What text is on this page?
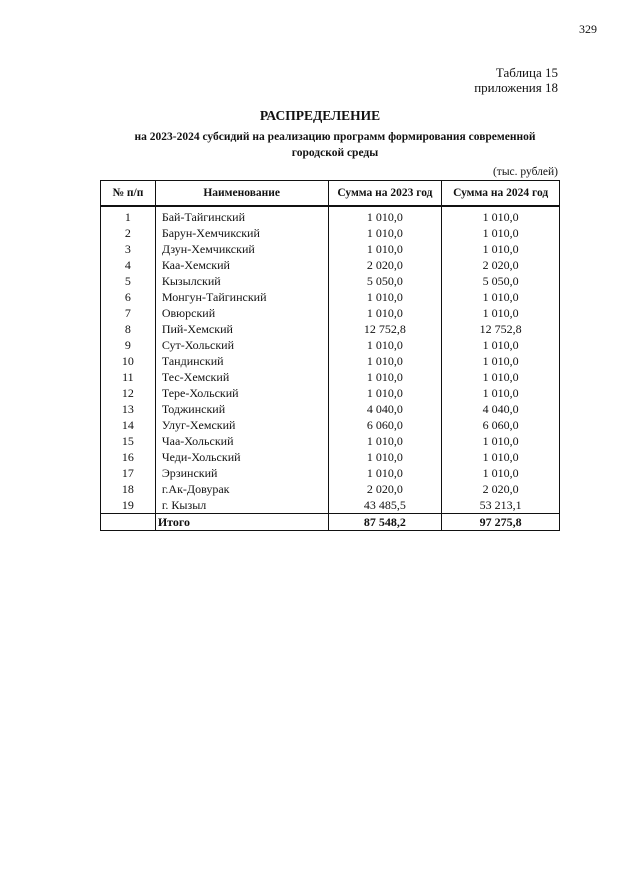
329
Таблица 15
приложения 18
РАСПРЕДЕЛЕНИЕ
на 2023-2024 субсидий на реализацию программ формирования современной городской среды
(тыс. рублей)
№ п/п	Наименование	Сумма на 2023 год	Сумма на 2024 год
1	Бай-Тайгинский	1 010,0	1 010,0
2	Барун-Хемчикский	1 010,0	1 010,0
3	Дзун-Хемчикский	1 010,0	1 010,0
4	Каа-Хемский	2 020,0	2 020,0
5	Кызылский	5 050,0	5 050,0
6	Монгун-Тайгинский	1 010,0	1 010,0
7	Овюрский	1 010,0	1 010,0
8	Пий-Хемский	12 752,8	12 752,8
9	Сут-Хольский	1 010,0	1 010,0
10	Тандинский	1 010,0	1 010,0
11	Тес-Хемский	1 010,0	1 010,0
12	Тере-Хольский	1 010,0	1 010,0
13	Тоджинский	4 040,0	4 040,0
14	Улуг-Хемский	6 060,0	6 060,0
15	Чаа-Хольский	1 010,0	1 010,0
16	Чеди-Хольский	1 010,0	1 010,0
17	Эрзинский	1 010,0	1 010,0
18	г.Ак-Довурак	2 020,0	2 020,0
19	г. Кызыл	43 485,5	53 213,1
	Итого	87 548,2	97 275,8
